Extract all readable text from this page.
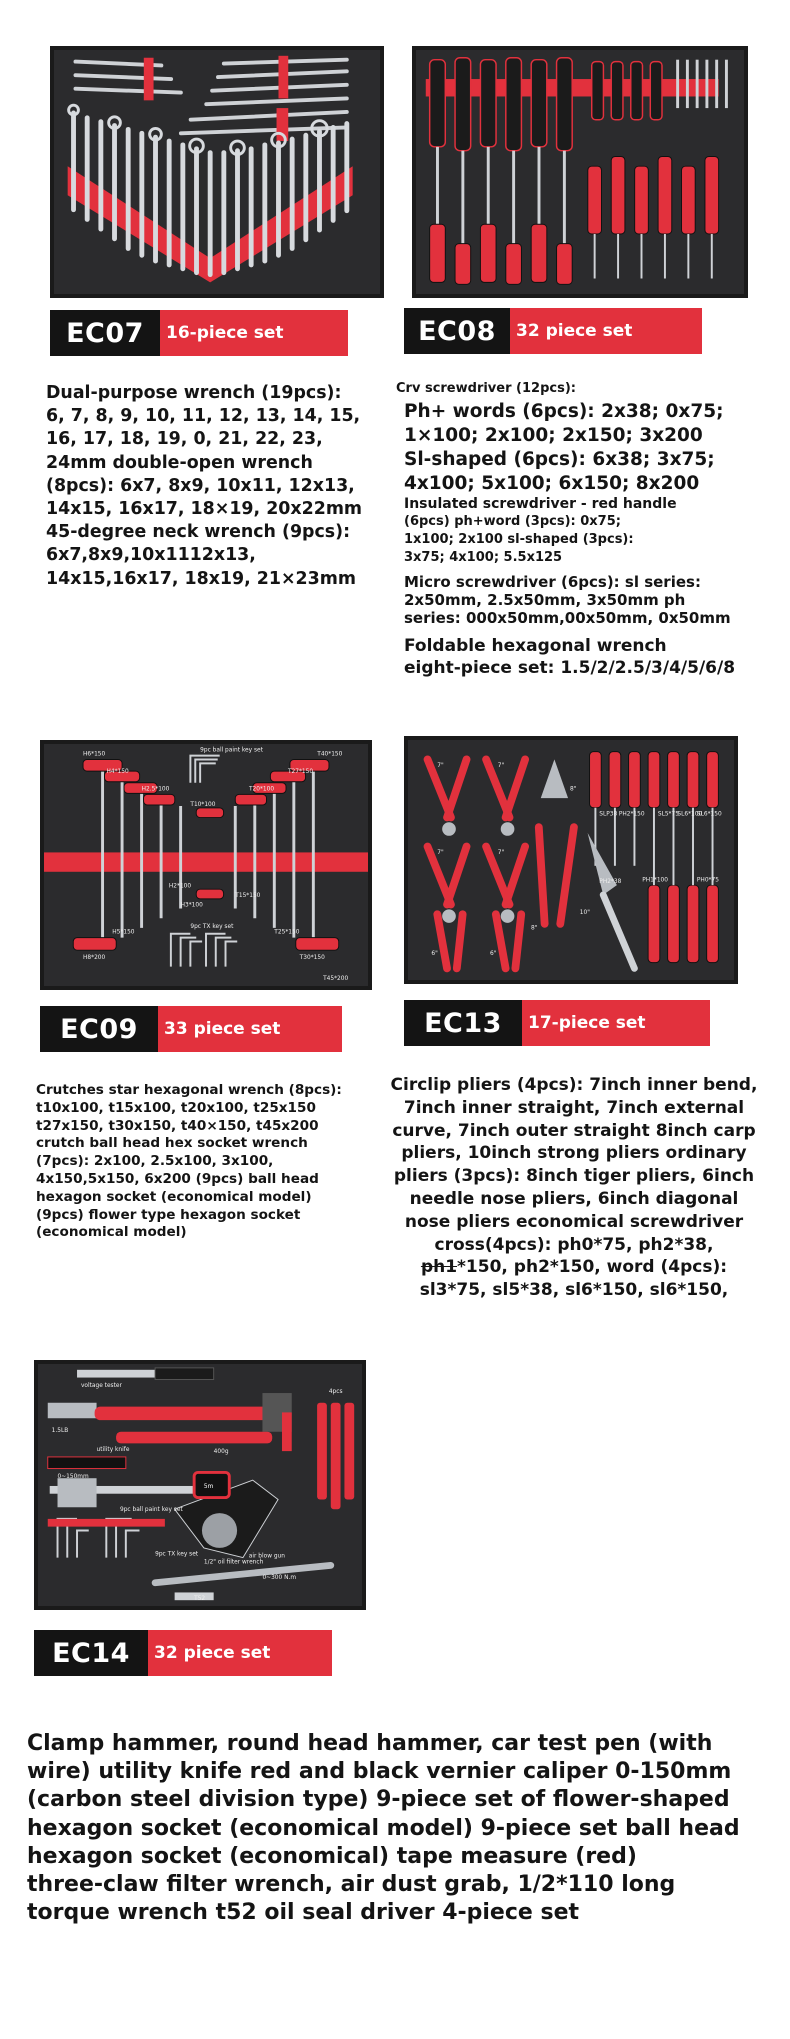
EC07	16-piece set

Dual-purpose wrench (19pcs):

6, 7, 8, 9, 10, 11, 12, 13, 14, 15,

16, 17, 18, 19, 0, 21, 22, 23,

24mm double-open wrench

(8pcs): 6x7, 8x9, 10x11, 12x13,

14x15, 16x17, 18×19, 20x22mm

45-degree neck wrench (9pcs):

6x7,8x9,10x1112x13,

14x15,16x17, 18x19, 21×23mm

EC08	32 piece set

Crv screwdriver (12pcs):

Ph+ words (6pcs): 2x38; 0x75;

1×100; 2x100; 2x150; 3x200

Sl-shaped (6pcs): 6x38; 3x75;

4x100; 5x100; 6x150; 8x200

Insulated screwdriver - red handle

(6pcs) ph+word (3pcs): 0x75;

1x100; 2x100 sl-shaped (3pcs):

3x75; 4x100; 5.5x125

Micro screwdriver (6pcs): sl series:

2x50mm, 2.5x50mm, 3x50mm ph

series: 000x50mm,00x50mm, 0x50mm

Foldable hexagonal wrench

eight-piece set: 1.5/2/2.5/3/4/5/6/8

9pc ball paint key set
H6*150	T40*150
H4*150	T27*150
H2.5*100	T20*100
T10*100
H3*100
H2*100
T15*150
H5*150
9pc TX key set
T25*150
H8*200	T30*150
T45*200
EC09	33 piece set

Crutches star hexagonal wrench (8pcs):

t10x100, t15x100, t20x100, t25x150

t27x150, t30x150, t40×150, t45x200

crutch ball head hex socket wrench

(7pcs): 2x100, 2.5x100, 3x100,

4x150,5x150, 6x200 (9pcs) ball head

hexagon socket (economical model)

(9pcs) flower type hexagon socket

(economical model)

SLP38 PH2*150 SL5*75
SL6*100
SL6*150
PH1*100
PH2*38	PH0*75
7"	7"
8"
7"	7"
6"	6"
8"
10"
EC13	17-piece set

Circlip pliers (4pcs): 7inch inner bend,

7inch inner straight, 7inch external

curve, 7inch outer straight 8inch carp

pliers, 10inch strong pliers ordinary

pliers (3pcs): 8inch tiger pliers, 6inch

needle nose pliers, 6inch diagonal

nose pliers economical screwdriver

cross(4pcs): ph0*75, ph2*38,

ph1*150, ph2*150, word (4pcs):

sl3*75, sl5*38, sl6*150, sl6*150,

voltage tester
1.5LB
400g
5m
utility knife
0~150mm
9pc ball paint key set
9pc TX key set
1/2" oil filter wrench
air blow gun
0~300 N.m
T52
4pcs
EC14	32 piece set

Clamp hammer, round head hammer, car test pen (with

wire) utility knife red and black vernier caliper 0-150mm

(carbon steel division type) 9-piece set of flower-shaped

hexagon socket (economical model) 9-piece set ball head

hexagon socket (economical) tape measure (red)

three-claw filter wrench, air dust grab, 1/2*110 long

torque wrench t52 oil seal driver 4-piece set
